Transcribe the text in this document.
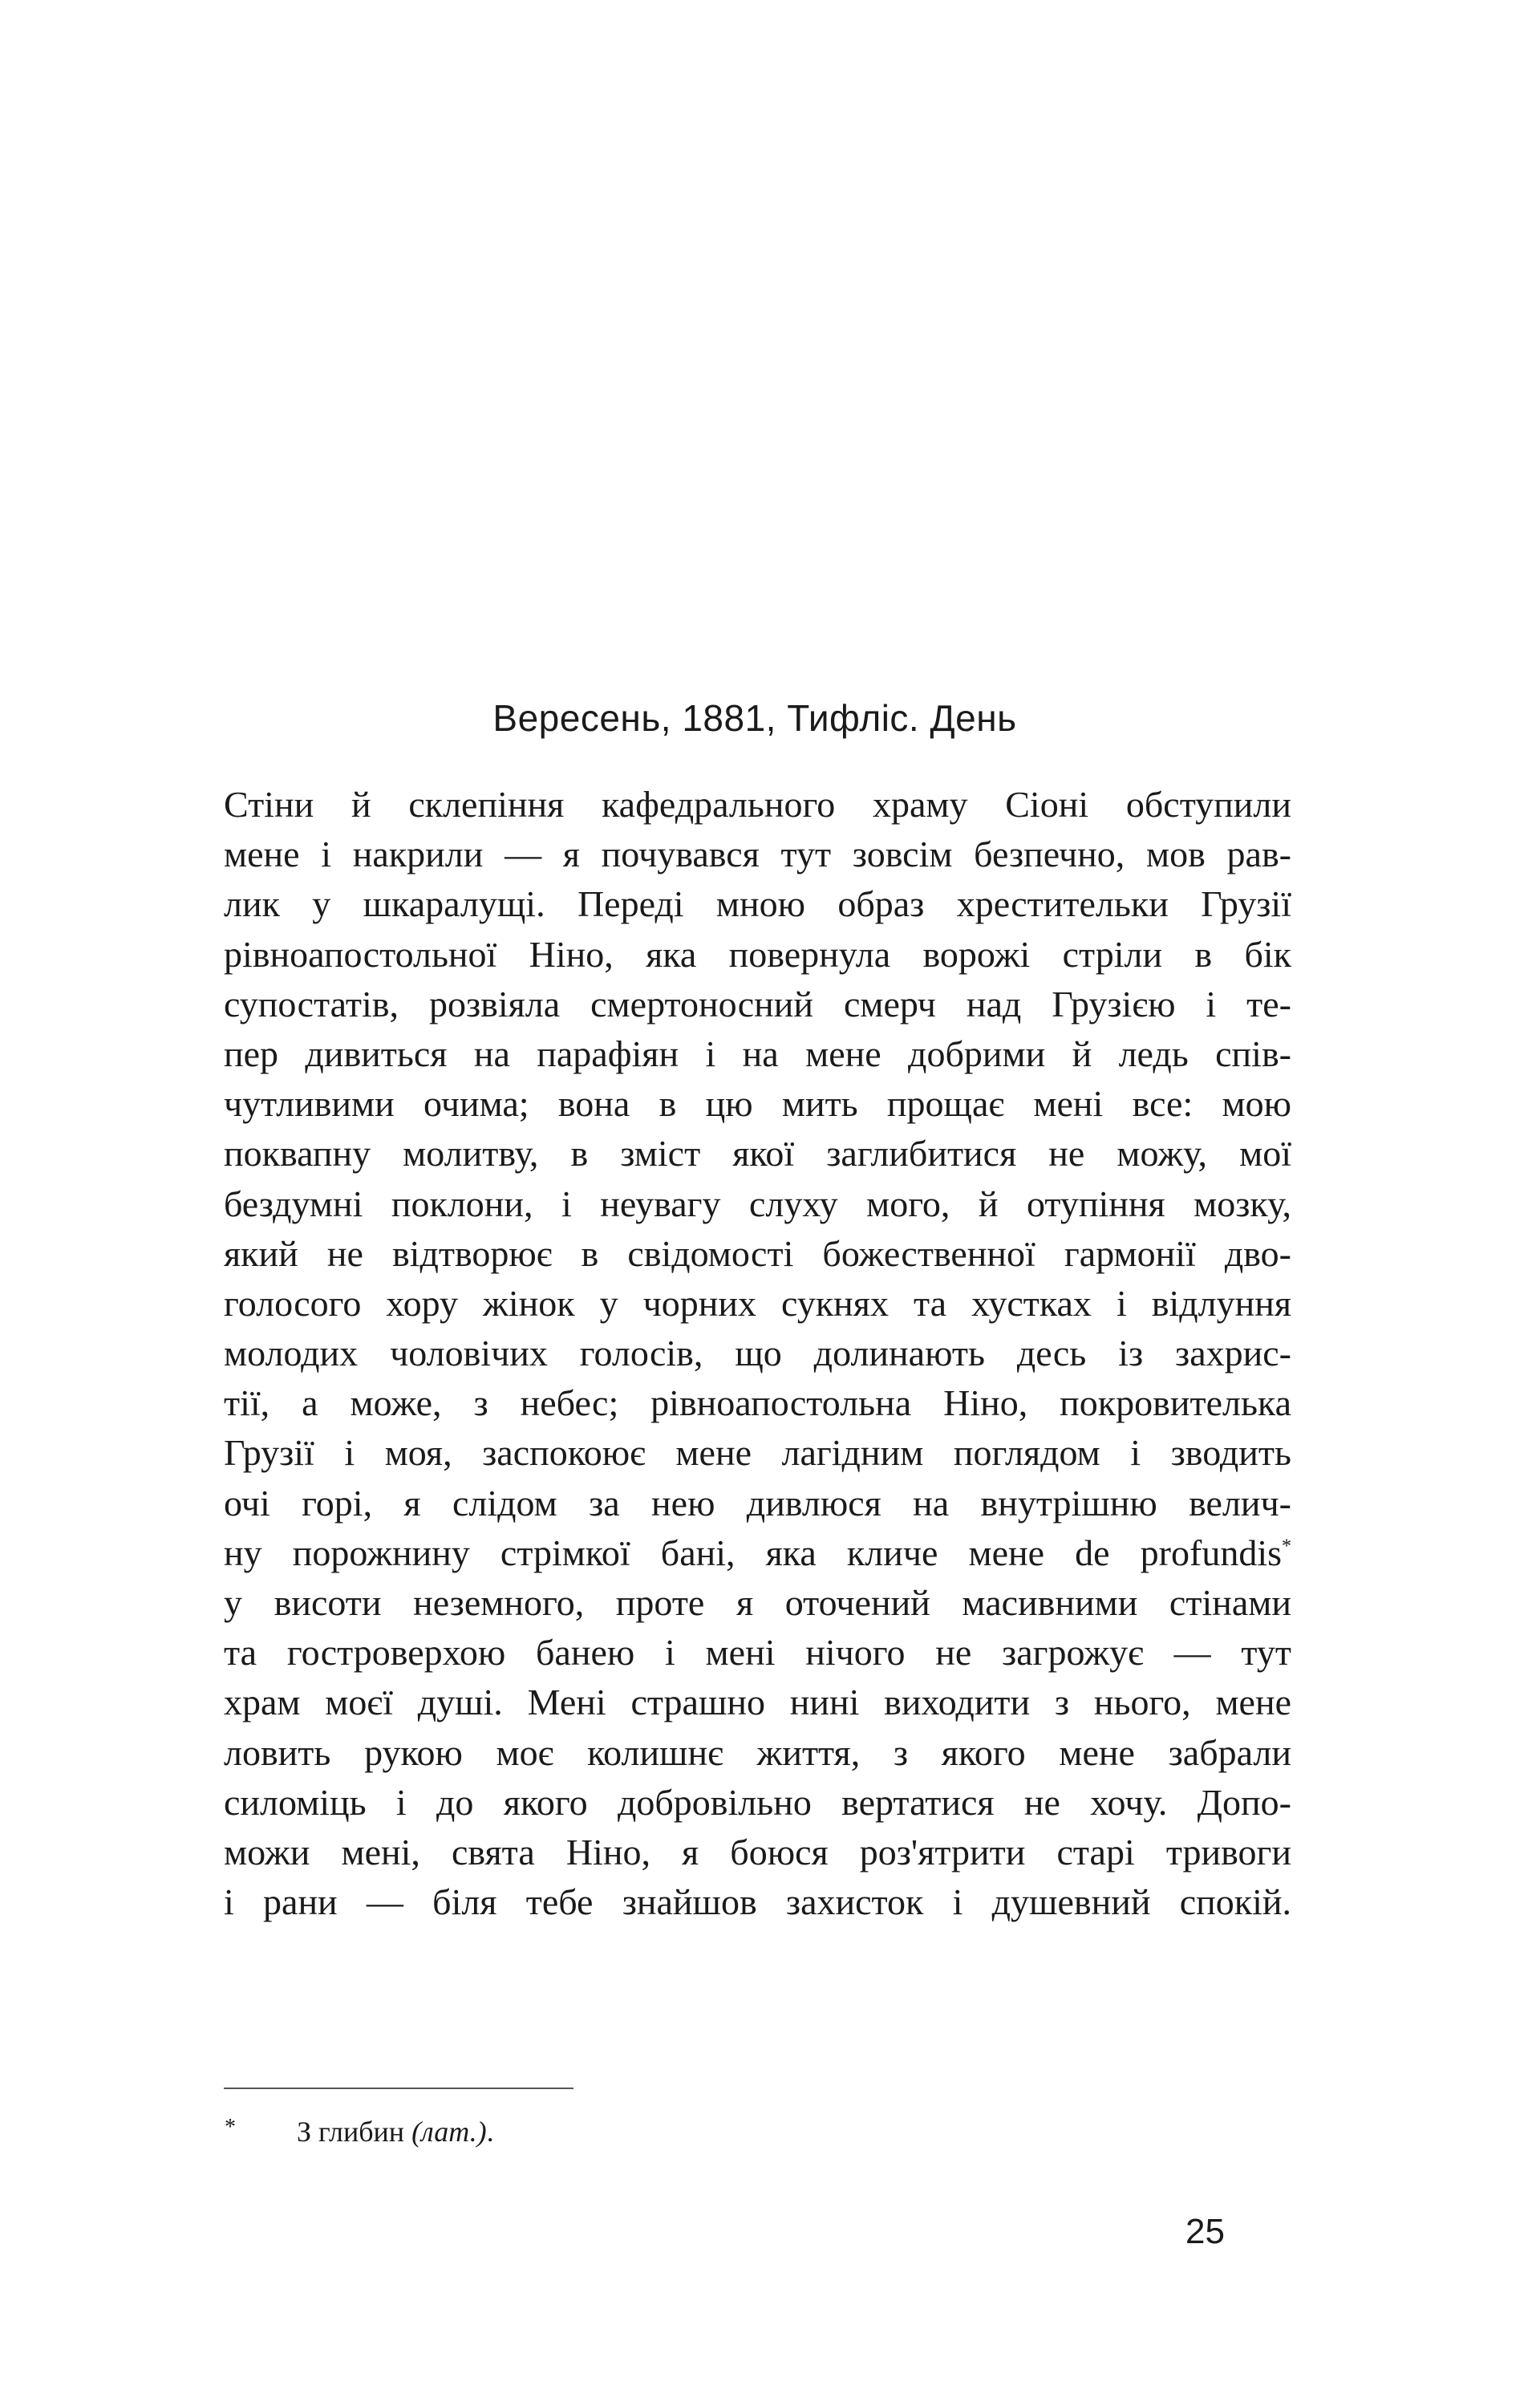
Вересень, 1881, Тифліс. День
Стіни й склепіння кафедрального храму Сіоні обступили
мене і накрили — я почувався тут зовсім безпечно, мов рав-
лик у шкаралущі. Переді мною образ хрестительки Грузії
рівноапостольної Ніно, яка повернула ворожі стріли в бік
супостатів, розвіяла смертоносний смерч над Грузією і те-
пер дивиться на парафіян і на мене добрими й ледь спів-
чутливими очима; вона в цю мить прощає мені все: мою
поквапну молитву, в зміст якої заглибитися не можу, мої
бездумні поклони, і неувагу слуху мого, й отупіння мозку,
який не відтворює в свідомості божественної гармонії дво-
голосого хору жінок у чорних сукнях та хустках і відлуння
молодих чоловічих голосів, що долинають десь із захрис-
тії, а може, з небес; рівноапостольна Ніно, покровителька
Грузії і моя, заспокоює мене лагідним поглядом і зводить
очі горі, я слідом за нею дивлюся на внутрішню велич-
ну порожнину стрімкої бані, яка кличе мене de profundis*
у висоти неземного, проте я оточений масивними стінами
та гостроверхою банею і мені нічого не загрожує — тут
храм моєї душі. Мені страшно нині виходити з нього, мене
ловить рукою моє колишнє життя, з якого мене забрали
силоміць і до якого добровільно вертатися не хочу. Допо-
можи мені, свята Ніно, я боюся роз'ятрити старі тривоги
і рани — біля тебе знайшов захисток і душевний спокій.
* З глибин (лат.).
25
